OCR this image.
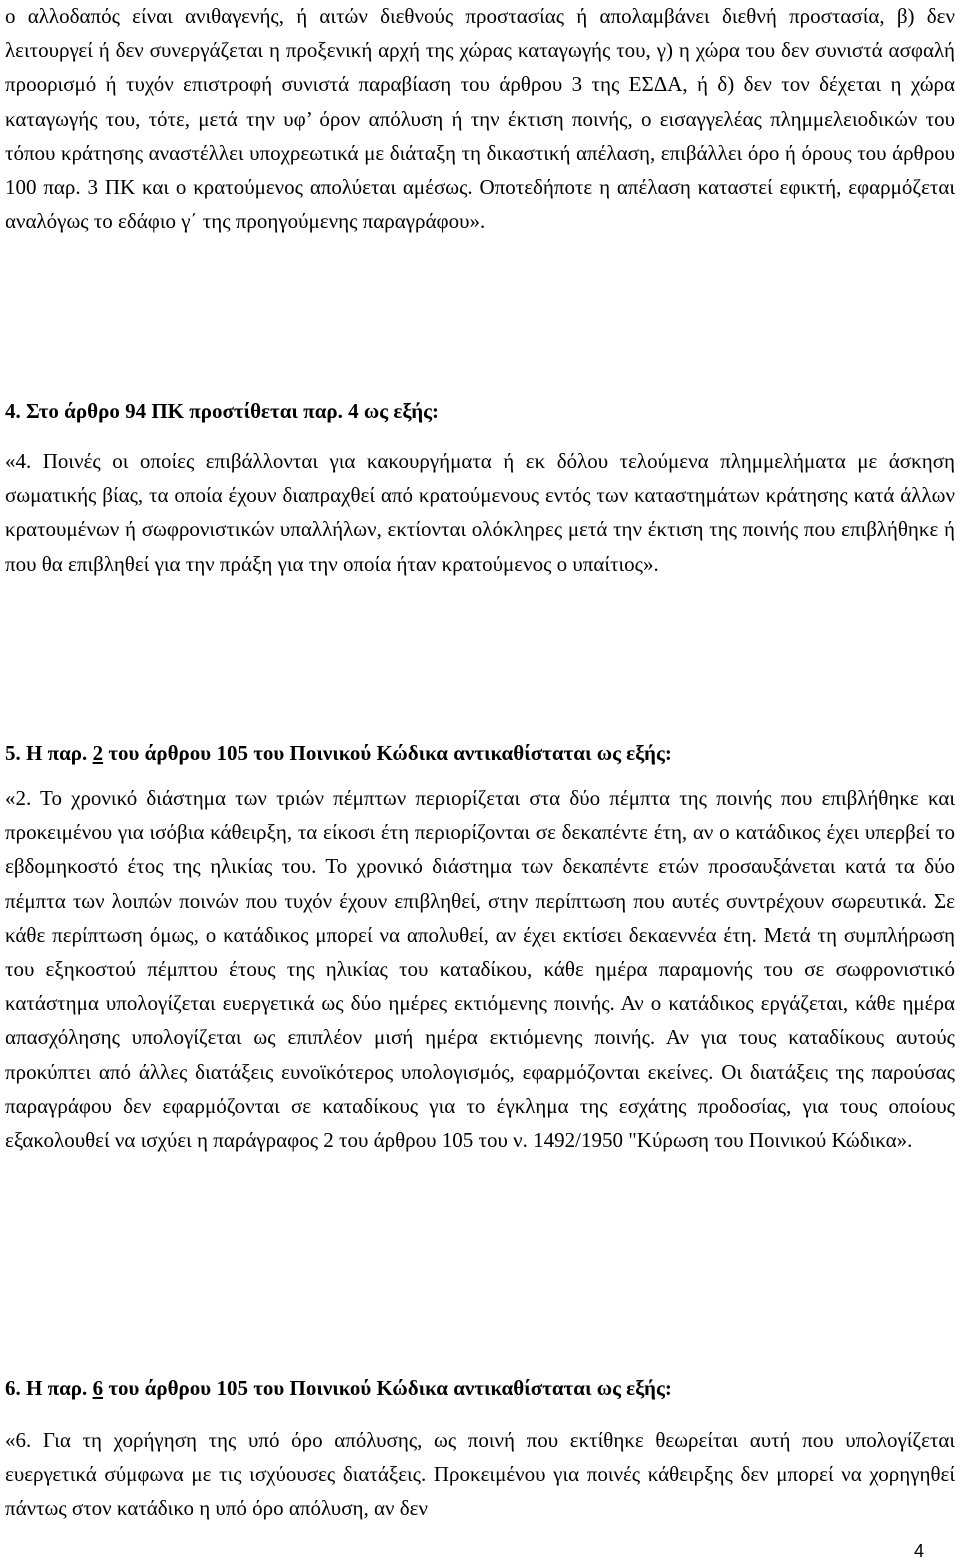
ο αλλοδαπός είναι ανιθαγενής, ή αιτών διεθνούς προστασίας ή απολαμβάνει διεθνή προστασία, β) δεν λειτουργεί ή δεν συνεργάζεται η προξενική αρχή της χώρας καταγωγής του, γ) η χώρα του δεν συνιστά ασφαλή προορισμό ή τυχόν επιστροφή συνιστά παραβίαση του άρθρου 3 της ΕΣΔΑ, ή δ) δεν τον δέχεται η χώρα καταγωγής του, τότε, μετά την υφ’ όρον απόλυση ή την έκτιση ποινής, ο εισαγγελέας πλημμελειοδικών του τόπου κράτησης αναστέλλει υποχρεωτικά με διάταξη τη δικαστική απέλαση, επιβάλλει όρο ή όρους του άρθρου 100 παρ. 3 ΠΚ και ο κρατούμενος απολύεται αμέσως. Οποτεδήποτε η απέλαση καταστεί εφικτή, εφαρμόζεται αναλόγως το εδάφιο γ΄ της προηγούμενης παραγράφου».

4. Στο άρθρο 94 ΠΚ προστίθεται παρ. 4 ως εξής:

«4. Ποινές οι οποίες επιβάλλονται για κακουργήματα ή εκ δόλου τελούμενα πλημμελήματα με άσκηση σωματικής βίας, τα οποία έχουν διαπραχθεί από κρατούμενους εντός των καταστημάτων κράτησης κατά άλλων κρατουμένων ή σωφρονιστικών υπαλλήλων, εκτίονται ολόκληρες μετά την έκτιση της ποινής που επιβλήθηκε ή που θα επιβληθεί για την πράξη για την οποία ήταν κρατούμενος ο υπαίτιος».

5. Η παρ. 2 του άρθρου 105 του Ποινικού Κώδικα αντικαθίσταται ως εξής:

«2. Το χρονικό διάστημα των τριών πέμπτων περιορίζεται στα δύο πέμπτα της ποινής που επιβλήθηκε και προκειμένου για ισόβια κάθειρξη, τα είκοσι έτη περιορίζονται σε δεκαπέντε έτη, αν ο κατάδικος έχει υπερβεί το εβδομηκοστό έτος της ηλικίας του. Το χρονικό διάστημα των δεκαπέντε ετών προσαυξάνεται κατά τα δύο πέμπτα των λοιπών ποινών που τυχόν έχουν επιβληθεί, στην περίπτωση που αυτές συντρέχουν σωρευτικά. Σε κάθε περίπτωση όμως, ο κατάδικος μπορεί να απολυθεί, αν έχει εκτίσει δεκαεννέα έτη. Μετά τη συμπλήρωση του εξηκοστού πέμπτου έτους της ηλικίας του καταδίκου, κάθε ημέρα παραμονής του σε σωφρονιστικό κατάστημα υπολογίζεται ευεργετικά ως δύο ημέρες εκτιόμενης ποινής. Αν ο κατάδικος εργάζεται, κάθε ημέρα απασχόλησης υπολογίζεται ως επιπλέον μισή ημέρα εκτιόμενης ποινής. Αν για τους καταδίκους αυτούς προκύπτει από άλλες διατάξεις ευνοϊκότερος υπολογισμός, εφαρμόζονται εκείνες. Οι διατάξεις της παρούσας παραγράφου δεν εφαρμόζονται σε καταδίκους για το έγκλημα της εσχάτης προδοσίας, για τους οποίους εξακολουθεί να ισχύει η παράγραφος 2 του άρθρου 105 του ν. 1492/1950 "Κύρωση του Ποινικού Κώδικα».

6. Η παρ. 6 του άρθρου 105 του Ποινικού Κώδικα αντικαθίσταται ως εξής:

«6. Για τη χορήγηση της υπό όρο απόλυσης, ως ποινή που εκτίθηκε θεωρείται αυτή που υπολογίζεται ευεργετικά σύμφωνα με τις ισχύουσες διατάξεις. Προκειμένου για ποινές κάθειρξης δεν μπορεί να χορηγηθεί πάντως στον κατάδικο η υπό όρο απόλυση, αν δεν

4
